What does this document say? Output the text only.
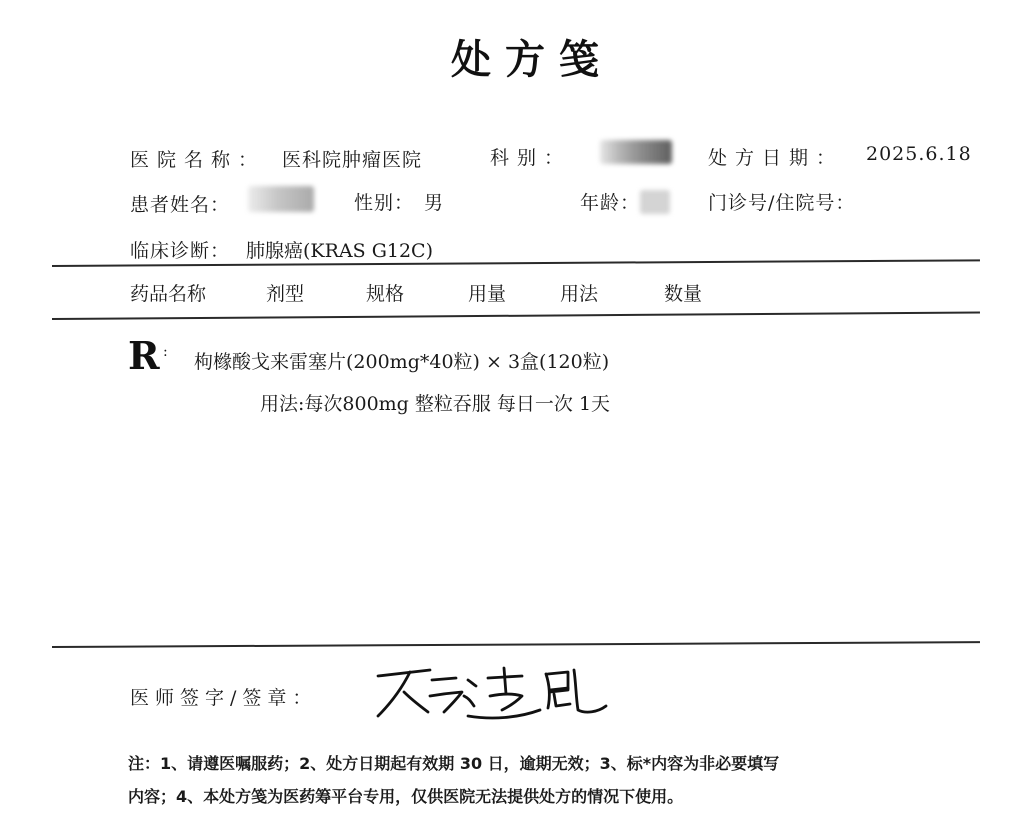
处方笺
医院名称： 医科院肿瘤医院	科别：	处方日期： 2025.6.18
患者姓名：	性别： 男	年龄：	门诊号/住院号：
临床诊断： 肺腺癌(KRAS G12C)
药品名称	剂型	规格	用量	用法	数量
R : 枸橼酸戈来雷塞片(200mg*40粒) × 3盒(120粒)
用法:每次800mg 整粒吞服 每日一次 1天
医师签字/签章：
注：1、请遵医嘱服药；2、处方日期起有效期 30 日，逾期无效；3、标*内容为非必要填写
内容；4、本处方笺为医药筹平台专用，仅供医院无法提供处方的情况下使用。
